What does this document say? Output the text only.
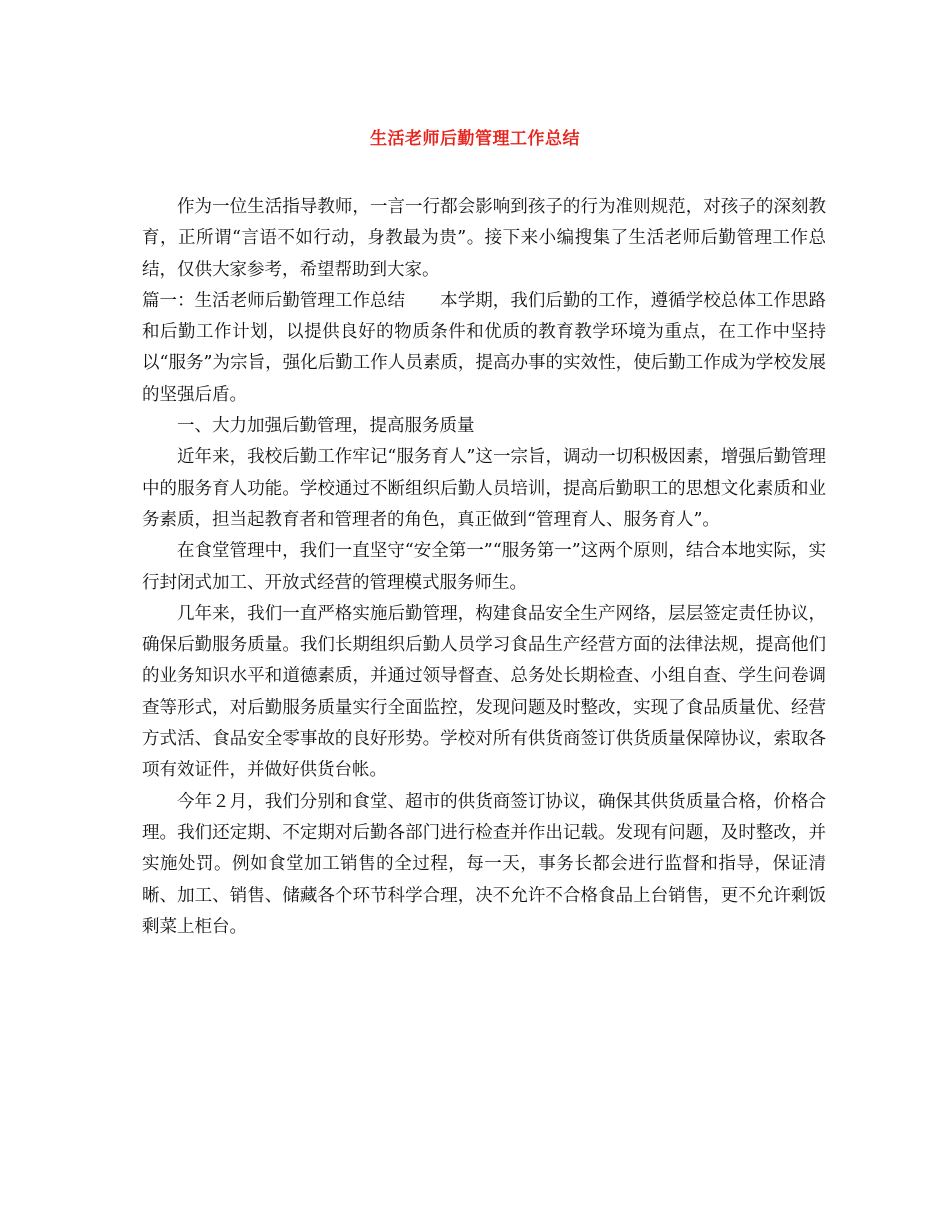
生活老师后勤管理工作总结

作为一位生活指导教师，一言一行都会影响到孩子的行为准则规范，对孩子的深刻教育，正所谓“言语不如行动，身教最为贵”。接下来小编搜集了生活老师后勤管理工作总结，仅供大家参考，希望帮助到大家。

篇一：生活老师后勤管理工作总结　　本学期，我们后勤的工作，遵循学校总体工作思路和后勤工作计划，以提供良好的物质条件和优质的教育教学环境为重点，在工作中坚持以“服务”为宗旨，强化后勤工作人员素质，提高办事的实效性，使后勤工作成为学校发展的坚强后盾。

一、大力加强后勤管理，提高服务质量

近年来，我校后勤工作牢记“服务育人”这一宗旨，调动一切积极因素，增强后勤管理中的服务育人功能。学校通过不断组织后勤人员培训，提高后勤职工的思想文化素质和业务素质，担当起教育者和管理者的角色，真正做到“管理育人、服务育人”。

在食堂管理中，我们一直坚守“安全第一”“服务第一”这两个原则，结合本地实际，实行封闭式加工、开放式经营的管理模式服务师生。

几年来，我们一直严格实施后勤管理，构建食品安全生产网络，层层签定责任协议，确保后勤服务质量。我们长期组织后勤人员学习食品生产经营方面的法律法规，提高他们的业务知识水平和道德素质，并通过领导督查、总务处长期检查、小组自查、学生问卷调查等形式，对后勤服务质量实行全面监控，发现问题及时整改，实现了食品质量优、经营方式活、食品安全零事故的良好形势。学校对所有供货商签订供货质量保障协议，索取各项有效证件，并做好供货台帐。

今年２月，我们分别和食堂、超市的供货商签订协议，确保其供货质量合格，价格合理。我们还定期、不定期对后勤各部门进行检查并作出记载。发现有问题，及时整改，并实施处罚。例如食堂加工销售的全过程，每一天，事务长都会进行监督和指导，保证清晰、加工、销售、储藏各个环节科学合理，决不允许不合格食品上台销售，更不允许剩饭剩菜上柜台。
